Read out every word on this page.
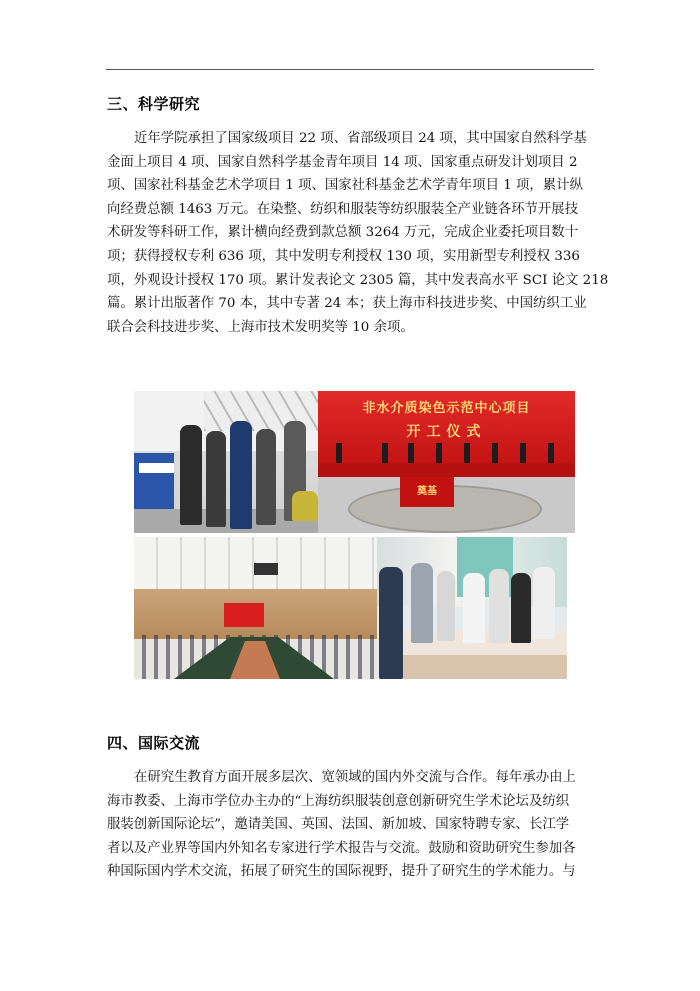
三、科学研究

近年学院承担了国家级项目 22 项、省部级项目 24 项，其中国家自然科学基
金面上项目 4 项、国家自然科学基金青年项目 14 项、国家重点研发计划项目 2
项、国家社科基金艺术学项目 1 项、国家社科基金艺术学青年项目 1 项，累计纵
向经费总额 1463 万元。在染整、纺织和服装等纺织服装全产业链各环节开展技
术研发等科研工作，累计横向经费到款总额 3264 万元，完成企业委托项目数十
项；获得授权专利 636 项，其中发明专利授权 130 项，实用新型专利授权 336
项，外观设计授权 170 项。累计发表论文 2305 篇，其中发表高水平 SCI 论文 218
篇。累计出版著作 70 本，其中专著 24 本；获上海市科技进步奖、中国纺织工业
联合会科技进步奖、上海市技术发明奖等 10 余项。

非水介质染色示范中心项目
开工仪式
奠基
四、国际交流

在研究生教育方面开展多层次、宽领域的国内外交流与合作。每年承办由上
海市教委、上海市学位办主办的“上海纺织服装创意创新研究生学术论坛及纺织
服装创新国际论坛”，邀请美国、英国、法国、新加坡、国家特聘专家、长江学
者以及产业界等国内外知名专家进行学术报告与交流。鼓励和资助研究生参加各
种国际国内学术交流，拓展了研究生的国际视野，提升了研究生的学术能力。与
